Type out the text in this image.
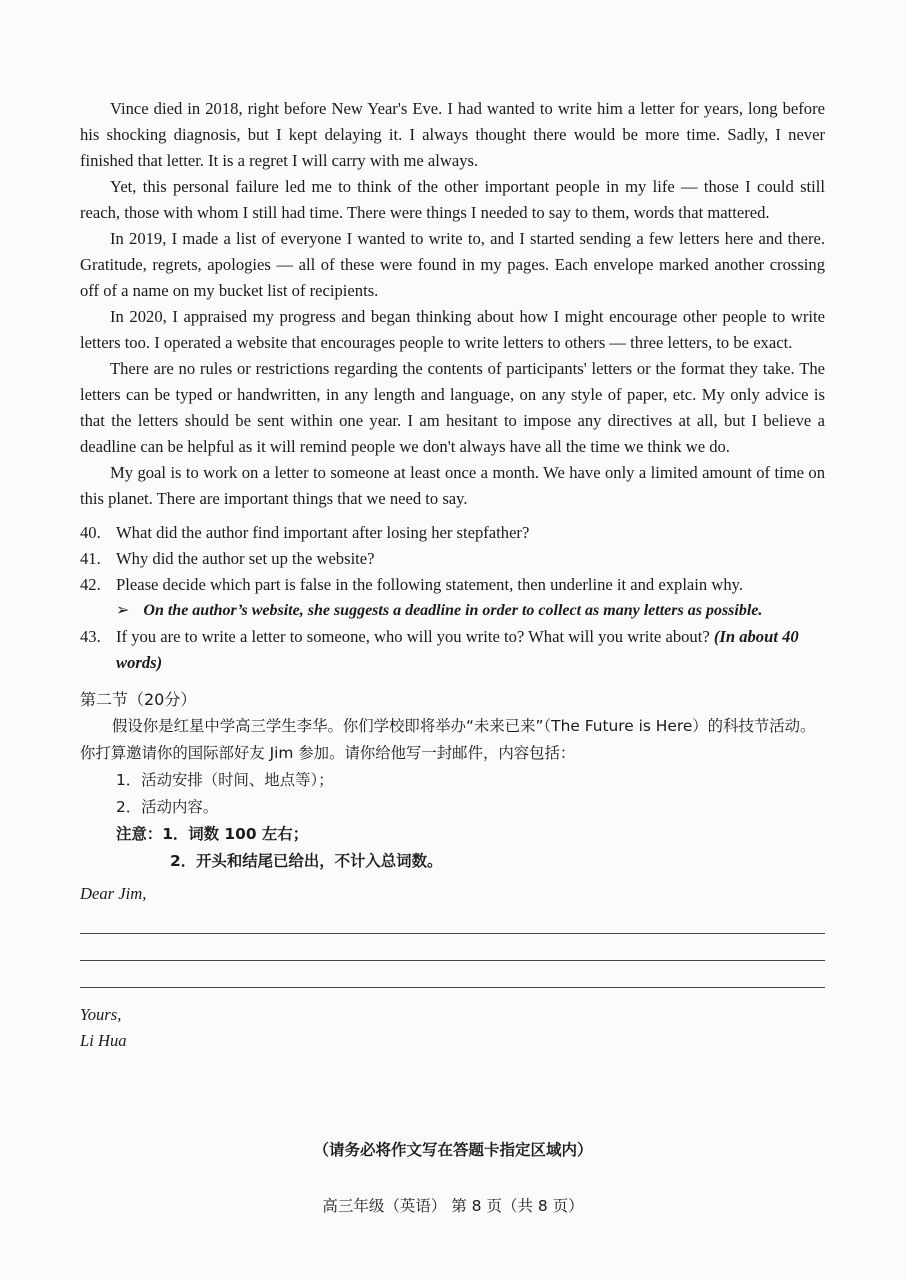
Vince died in 2018, right before New Year's Eve. I had wanted to write him a letter for years, long before his shocking diagnosis, but I kept delaying it. I always thought there would be more time. Sadly, I never finished that letter. It is a regret I will carry with me always.

Yet, this personal failure led me to think of the other important people in my life — those I could still reach, those with whom I still had time. There were things I needed to say to them, words that mattered.

In 2019, I made a list of everyone I wanted to write to, and I started sending a few letters here and there. Gratitude, regrets, apologies — all of these were found in my pages. Each envelope marked another crossing off of a name on my bucket list of recipients.

In 2020, I appraised my progress and began thinking about how I might encourage other people to write letters too. I operated a website that encourages people to write letters to others — three letters, to be exact.

There are no rules or restrictions regarding the contents of participants' letters or the format they take. The letters can be typed or handwritten, in any length and language, on any style of paper, etc. My only advice is that the letters should be sent within one year. I am hesitant to impose any directives at all, but I believe a deadline can be helpful as it will remind people we don't always have all the time we think we do.

My goal is to work on a letter to someone at least once a month. We have only a limited amount of time on this planet. There are important things that we need to say.

40. What did the author find important after losing her stepfather?
41. Why did the author set up the website?
42. Please decide which part is false in the following statement, then underline it and explain why.

➢ On the author’s website, she suggests a deadline in order to collect as many letters as possible.

43. If you are to write a letter to someone, who will you write to? What will you write about? (In about 40 words)

第二节（20分）

假设你是红星中学高三学生李华。你们学校即将举办“未来已来”（The Future is Here）的科技节活动。你打算邀请你的国际部好友 Jim 参加。请你给他写一封邮件，内容包括：

1．活动安排（时间、地点等）；

2．活动内容。

注意： 1．词数 100 左右；

2．开头和结尾已给出，不计入总词数。

Dear Jim,

Yours,

Li Hua

（请务必将作文写在答题卡指定区域内）
高三年级（英语） 第 8 页（共 8 页）
